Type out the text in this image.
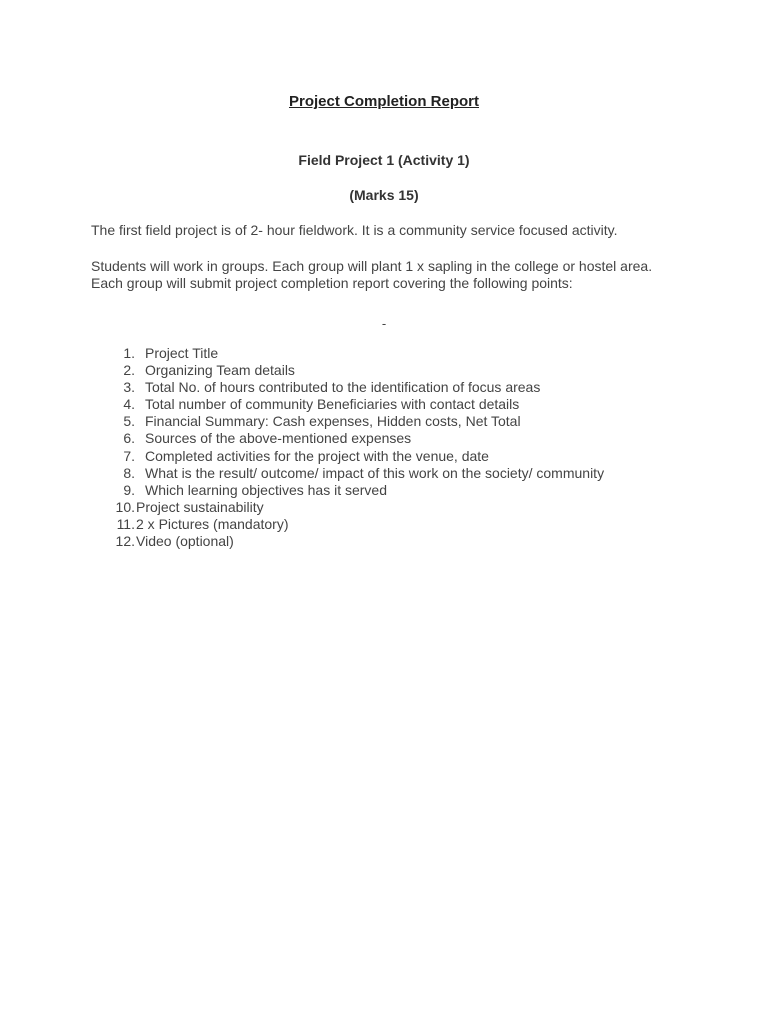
Project Completion Report
Field Project 1 (Activity 1)
(Marks 15)
The first field project is of 2- hour fieldwork. It is a community service focused activity.
Students will work in groups. Each group will plant 1 x sapling in the college or hostel area.
Each group will submit project completion report covering the following points:
-
1. Project Title
2. Organizing Team details
3. Total No. of hours contributed to the identification of focus areas
4. Total number of community Beneficiaries with contact details
5. Financial Summary: Cash expenses, Hidden costs, Net Total
6. Sources of the above-mentioned expenses
7. Completed activities for the project with the venue, date
8. What is the result/ outcome/ impact of this work on the society/ community
9. Which learning objectives has it served
10. Project sustainability
11. 2 x Pictures (mandatory)
12. Video (optional)
